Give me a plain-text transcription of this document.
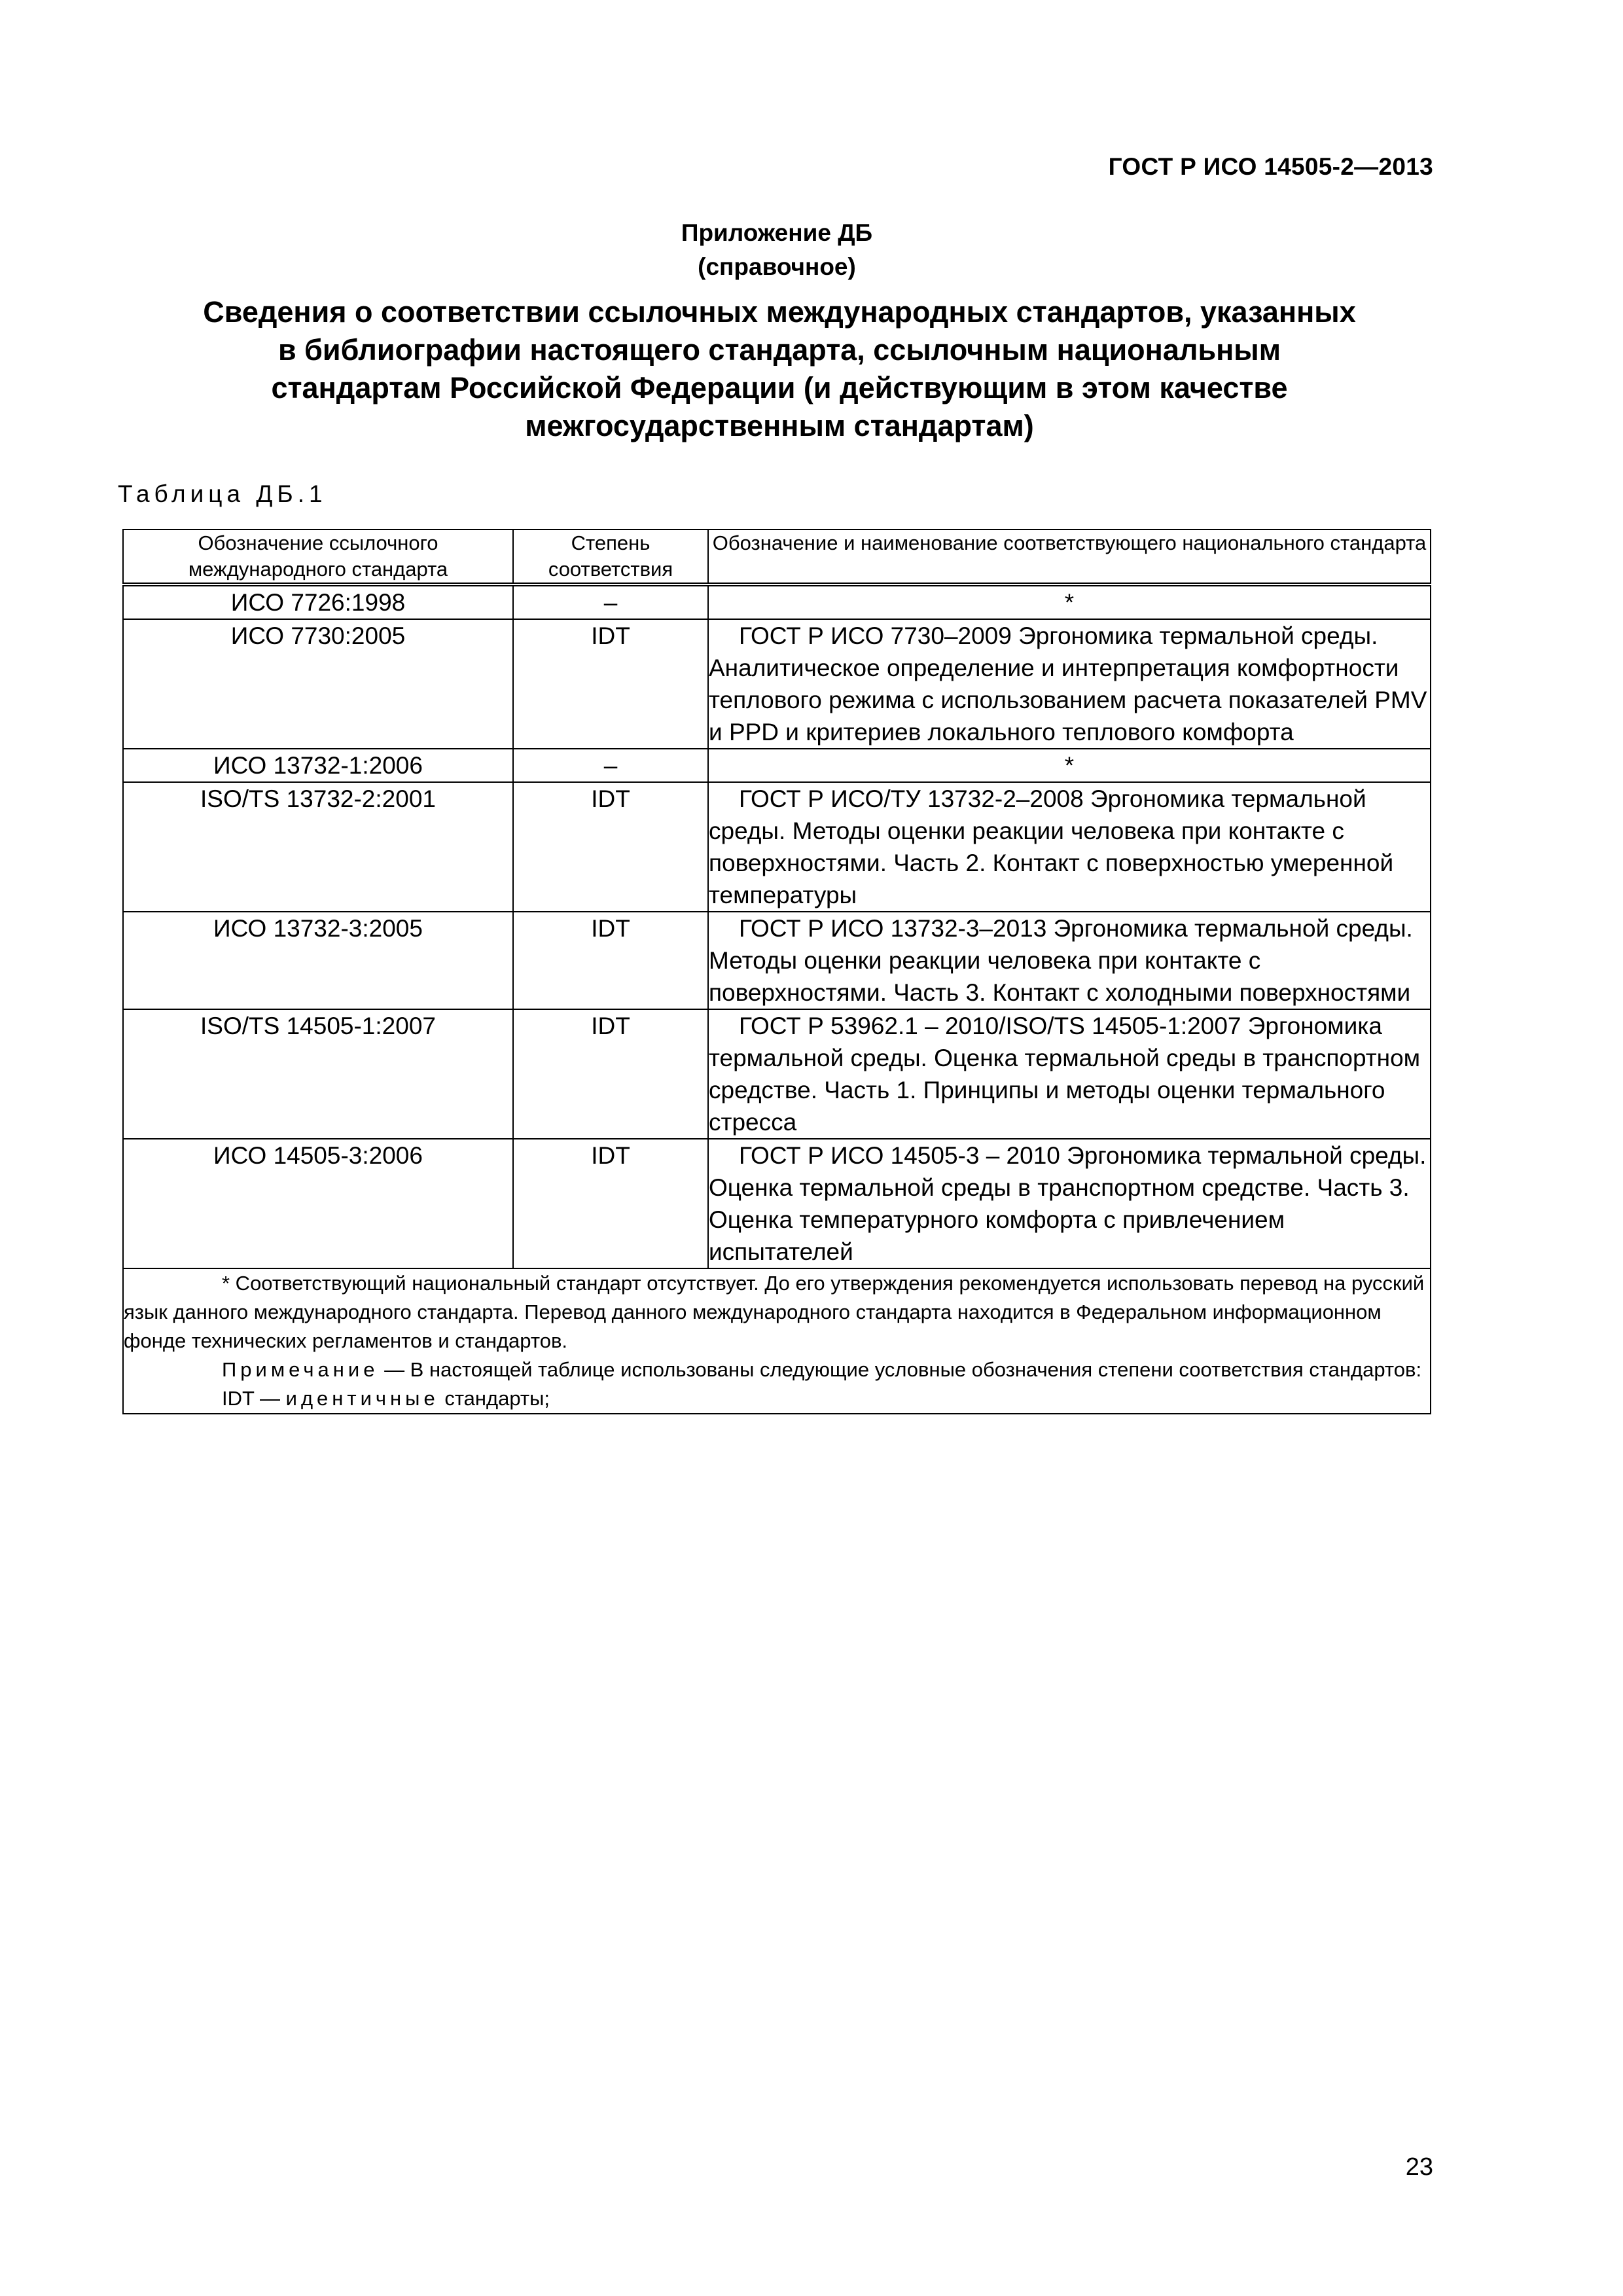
ГОСТ Р ИСО 14505-2—2013
Приложение ДБ
(справочное)
Сведения о соответствии ссылочных международных стандартов, указанных
в библиографии настоящего стандарта, ссылочным национальным
стандартам Российской Федерации (и действующим в этом качестве
межгосударственным стандартам)
Таблица ДБ.1
Обозначение ссылочного международного стандарта	Степень соответствия	Обозначение и наименование соответствующего национального стандарта
ИСО 7726:1998	–	*
ИСО 7730:2005	IDT	ГОСТ Р ИСО 7730–2009 Эргономика термальной среды. Аналитическое определение и интерпретация комфортности теплового режима с использованием расчета показателей PMV и PPD и критериев локального теплового комфорта
ИСО 13732-1:2006	–	*
ISO/TS 13732-2:2001	IDT	ГОСТ Р ИСО/ТУ 13732-2–2008 Эргономика термальной среды. Методы оценки реакции человека при контакте с поверхностями. Часть 2. Контакт с поверхностью умеренной температуры
ИСО 13732-3:2005	IDT	ГОСТ Р ИСО 13732-3–2013 Эргономика термальной среды. Методы оценки реакции человека при контакте с поверхностями. Часть 3. Контакт с холодными поверхностями
ISO/TS 14505-1:2007	IDT	ГОСТ Р 53962.1 – 2010/ISO/TS 14505-1:2007 Эргономика термальной среды. Оценка термальной среды в транспортном средстве. Часть 1. Принципы и методы оценки термального стресса
ИСО 14505-3:2006	IDT	ГОСТ Р ИСО 14505-3 – 2010 Эргономика термальной среды. Оценка термальной среды в транспортном средстве. Часть 3. Оценка температурного комфорта с привлечением испытателей

* Соответствующий национальный стандарт отсутствует. До его утверждения рекомендуется использовать перевод на русский язык данного международного стандарта. Перевод данного международного стандарта находится в Федеральном информационном фонде технических регламентов и стандартов.

Примечание — В настоящей таблице использованы следующие условные обозначения степени соответствия стандартов:

IDT — идентичные стандарты;		

23
